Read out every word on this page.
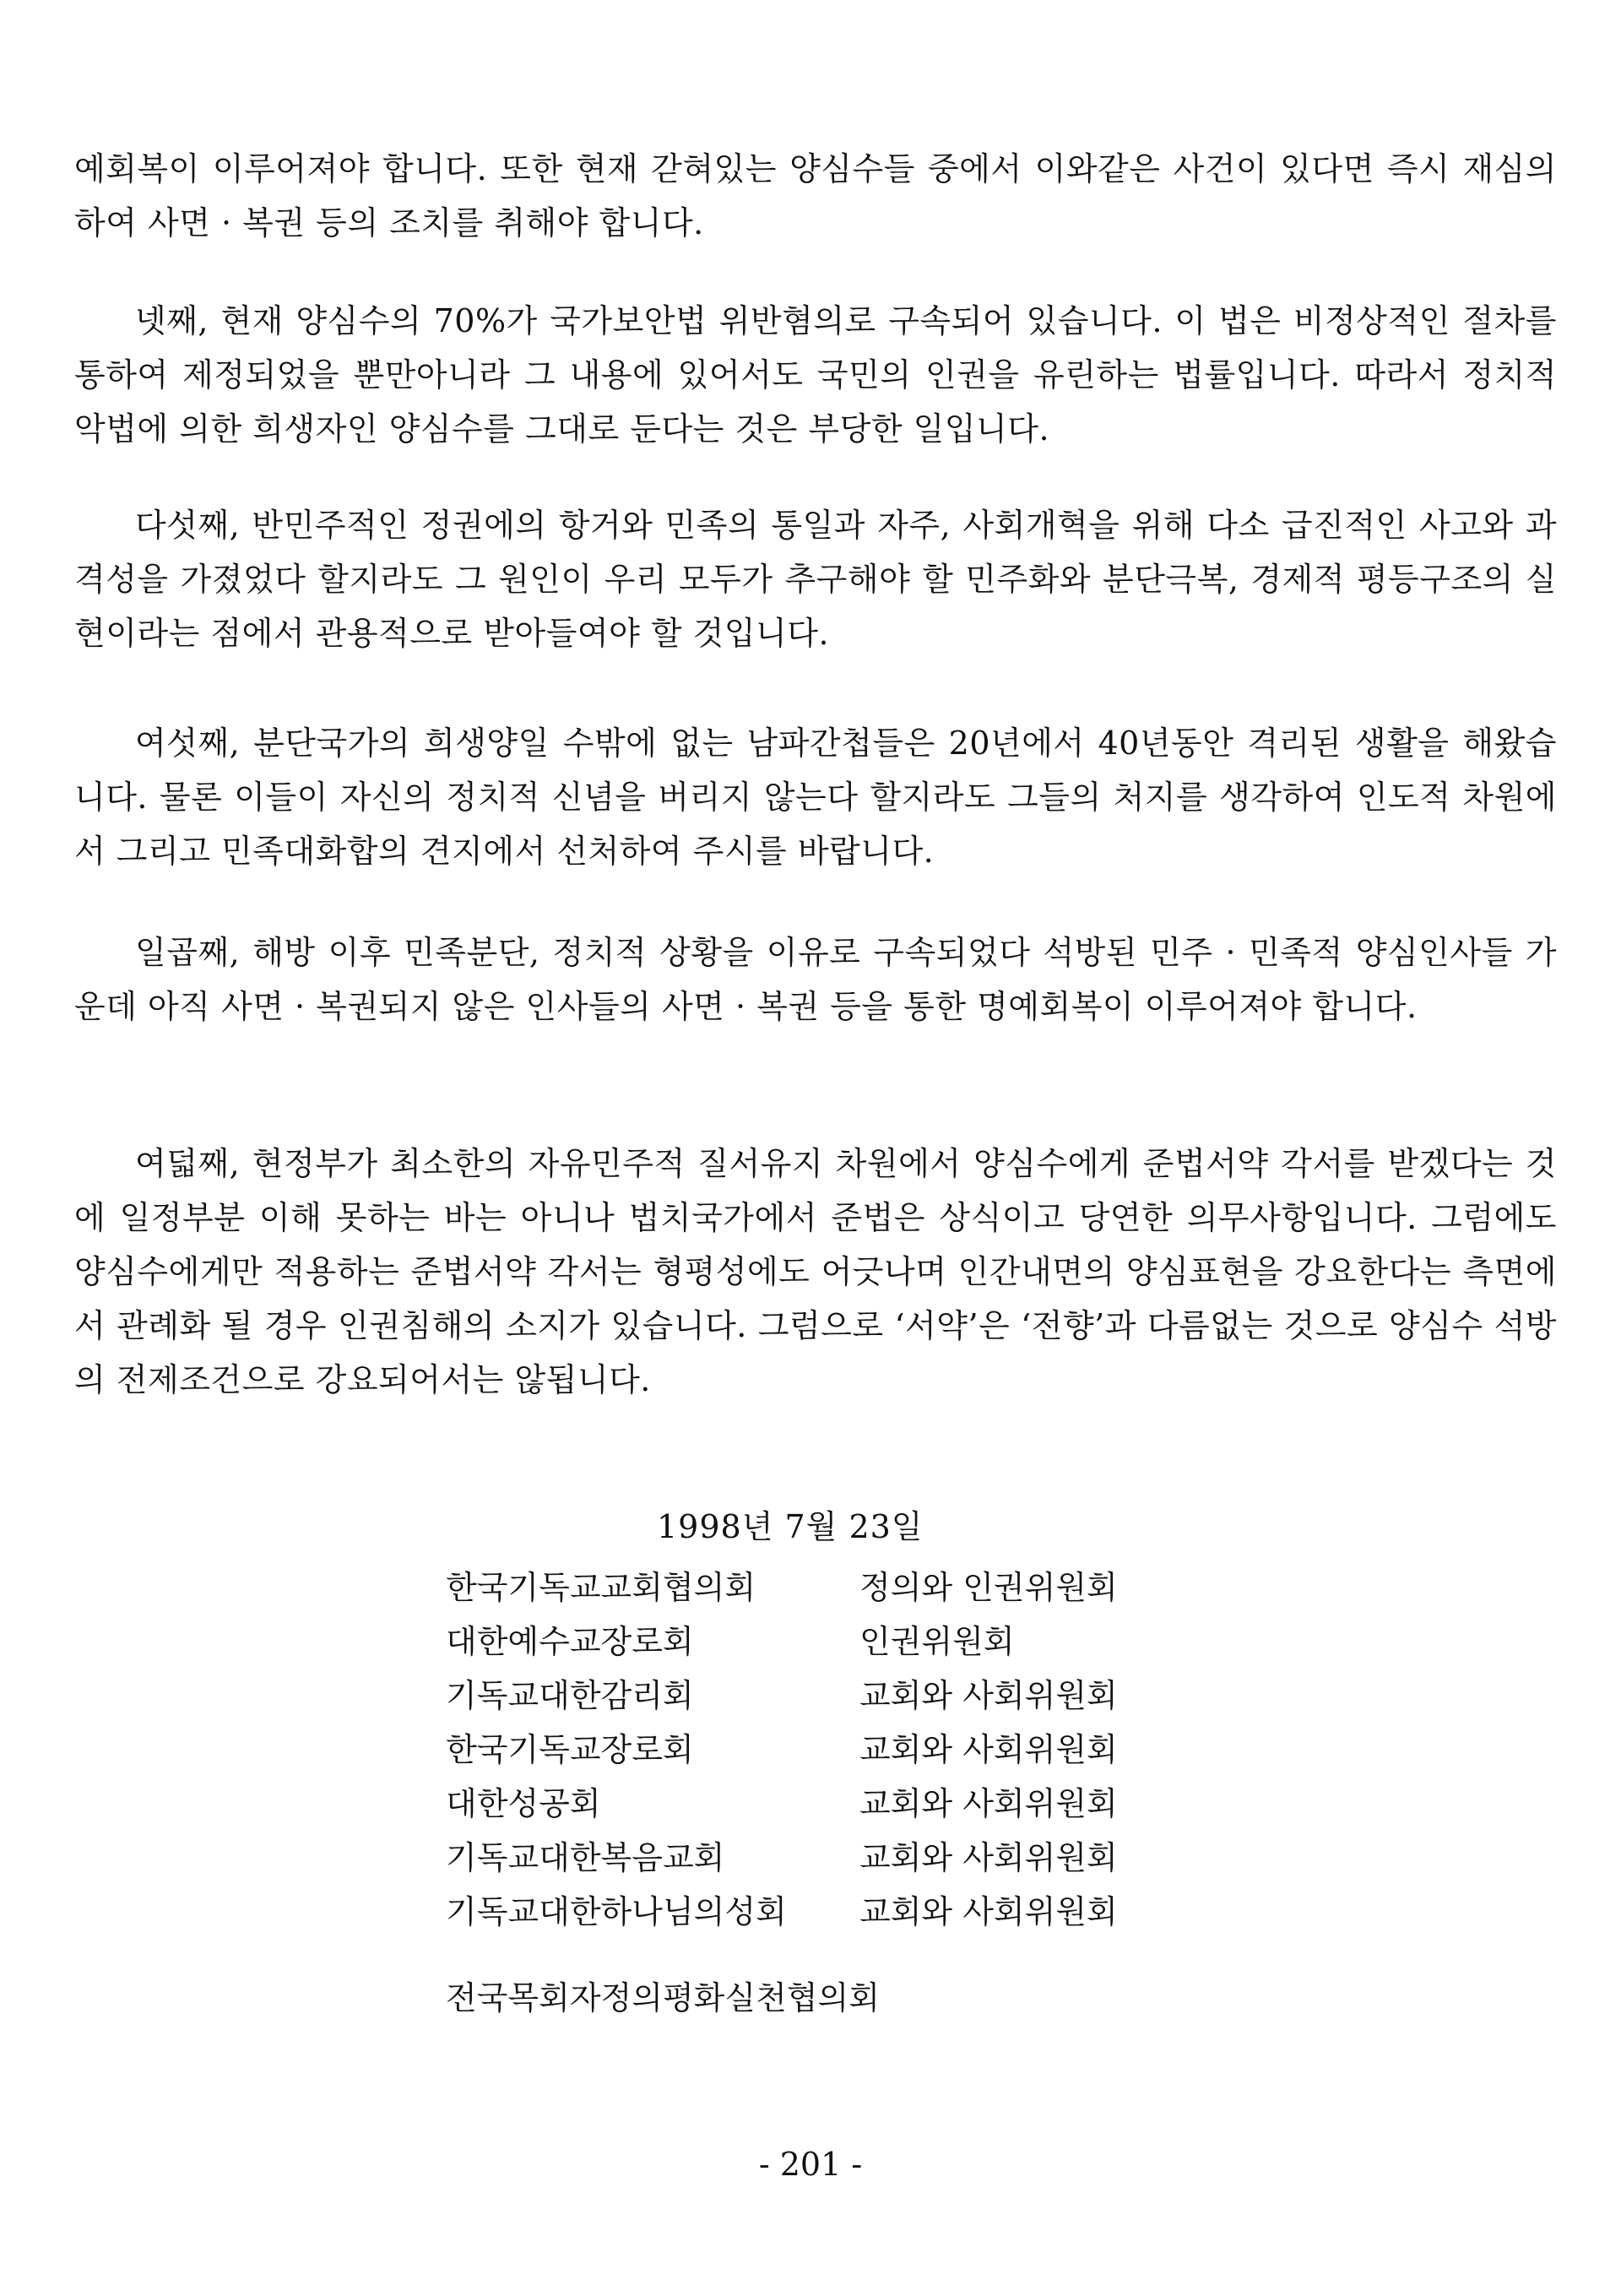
예회복이 이루어져야 합니다. 또한 현재 갇혀있는 양심수들 중에서 이와같은 사건이 있다면 즉시 재심의하여 사면 · 복권 등의 조치를 취해야 합니다.

넷째, 현재 양심수의 70%가 국가보안법 위반혐의로 구속되어 있습니다. 이 법은 비정상적인 절차를 통하여 제정되었을 뿐만아니라 그 내용에 있어서도 국민의 인권을 유린하는 법률입니다. 따라서 정치적 악법에 의한 희생자인 양심수를 그대로 둔다는 것은 부당한 일입니다.

다섯째, 반민주적인 정권에의 항거와 민족의 통일과 자주, 사회개혁을 위해 다소 급진적인 사고와 과격성을 가졌었다 할지라도 그 원인이 우리 모두가 추구해야 할 민주화와 분단극복, 경제적 평등구조의 실현이라는 점에서 관용적으로 받아들여야 할 것입니다.

여섯째, 분단국가의 희생양일 수밖에 없는 남파간첩들은 20년에서 40년동안 격리된 생활을 해왔습니다. 물론 이들이 자신의 정치적 신념을 버리지 않는다 할지라도 그들의 처지를 생각하여 인도적 차원에서 그리고 민족대화합의 견지에서 선처하여 주시를 바랍니다.

일곱째, 해방 이후 민족분단, 정치적 상황을 이유로 구속되었다 석방된 민주 · 민족적 양심인사들 가운데 아직 사면 · 복권되지 않은 인사들의 사면 · 복권 등을 통한 명예회복이 이루어져야 합니다.

여덟째, 현정부가 최소한의 자유민주적 질서유지 차원에서 양심수에게 준법서약 각서를 받겠다는 것에 일정부분 이해 못하는 바는 아니나 법치국가에서 준법은 상식이고 당연한 의무사항입니다. 그럼에도 양심수에게만 적용하는 준법서약 각서는 형평성에도 어긋나며 인간내면의 양심표현을 강요한다는 측면에서 관례화 될 경우 인권침해의 소지가 있습니다. 그럼으로 ‘서약’은 ‘전향’과 다름없는 것으로 양심수 석방의 전제조건으로 강요되어서는 않됩니다.

1998년 7월 23일
한국기독교교회협의회	정의와 인권위원회
대한예수교장로회	인권위원회
기독교대한감리회	교회와 사회위원회
한국기독교장로회	교회와 사회위원회
대한성공회	교회와 사회위원회
기독교대한복음교회	교회와 사회위원회
기독교대한하나님의성회	교회와 사회위원회
전국목회자정의평화실천협의회
- 201 -
